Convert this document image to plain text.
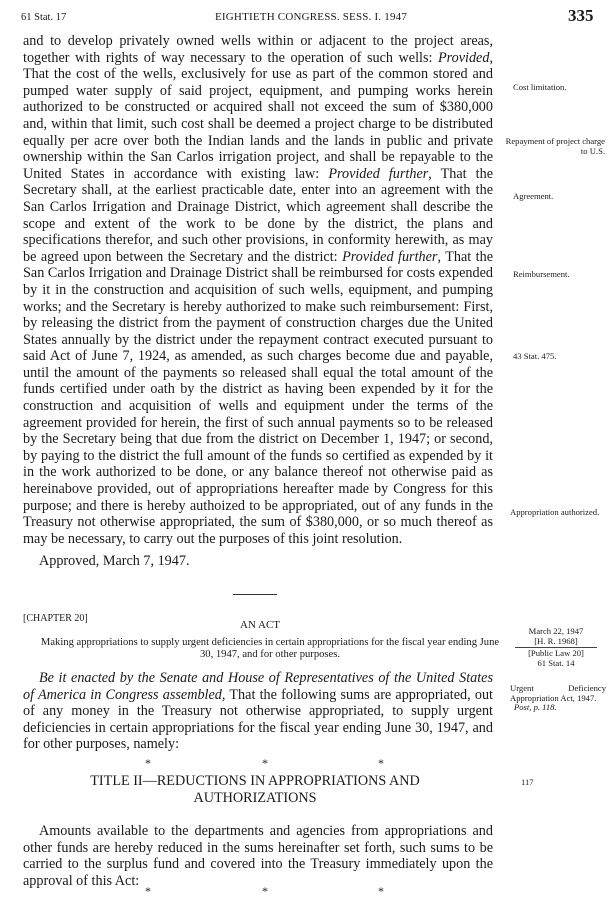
61 Stat. 17	EIGHTIETH CONGRESS. SESS. I. 1947	335

and to develop privately owned wells within or adjacent to the project areas, together with rights of way necessary to the operation of such wells: Provided, That the cost of the wells, exclusively for use as part of the common stored and pumped water supply of said project, equipment, and pumping works herein authorized to be constructed or acquired shall not exceed the sum of $380,000 and, within that limit, such cost shall be deemed a project charge to be distributed equally per acre over both the Indian lands and the lands in public and private ownership within the San Carlos irrigation project, and shall be repayable to the United States in accordance with existing law: Provided further, That the Secretary shall, at the earliest practicable date, enter into an agreement with the San Carlos Irrigation and Drainage District, which agreement shall describe the scope and extent of the work to be done by the district, the plans and specifications therefor, and such other provisions, in conformity herewith, as may be agreed upon between the Secretary and the district: Provided further, That the San Carlos Irrigation and Drainage District shall be reimbursed for costs expended by it in the construction and acquisition of such wells, equipment, and pumping works; and the Secretary is hereby authorized to make such reimbursement: First, by releasing the district from the payment of construction charges due the United States annually by the district under the repayment contract executed pursuant to said Act of June 7, 1924, as amended, as such charges become due and payable, until the amount of the payments so released shall equal the total amount of the funds certified under oath by the district as having been expended by it for the construction and acquisition of wells and equipment under the terms of the agreement provided for herein, the first of such annual payments so to be released by the Secretary being that due from the district on December 1, 1947; or second, by paying to the district the full amount of the funds so certified as expended by it in the work authorized to be done, or any balance thereof not otherwise paid as hereinabove provided, out of appropriations hereafter made by Congress for this purpose; and there is hereby authoized to be appropriated, out of any funds in the Treasury not otherwise appropriated, the sum of $380,000, or so much thereof as may be necessary, to carry out the purposes of this joint resolution.

Approved, March 7, 1947.

Cost limitation.
Repayment of project charge to U.S.
Agreement.
Reimbursement.
43 Stat. 475.
Appropriation authorized.
[CHAPTER 20]
AN ACT
Making appropriations to supply urgent deficiencies in certain appropriations for the fiscal year ending June 30, 1947, and for other purposes.
March 22, 1947
[H. R. 1968]
[Public Law 20]
61 Stat. 14
Urgent Deficiency Appropriation Act, 1947.
Post, p. 118.

Be it enacted by the Senate and House of Representatives of the United States of America in Congress assembled, That the following sums are appropriated, out of any money in the Treasury not otherwise appropriated, to supply urgent deficiencies in certain appropriations for the fiscal year ending June 30, 1947, and for other purposes, namely:

*	*	*
TITLE II—REDUCTIONS IN APPROPRIATIONS AND AUTHORIZATIONS
117

Amounts available to the departments and agencies from appropriations and other funds are hereby reduced in the sums hereinafter set forth, such sums to be carried to the surplus fund and covered into the Treasury immediately upon the approval of this Act:

*	*	*
